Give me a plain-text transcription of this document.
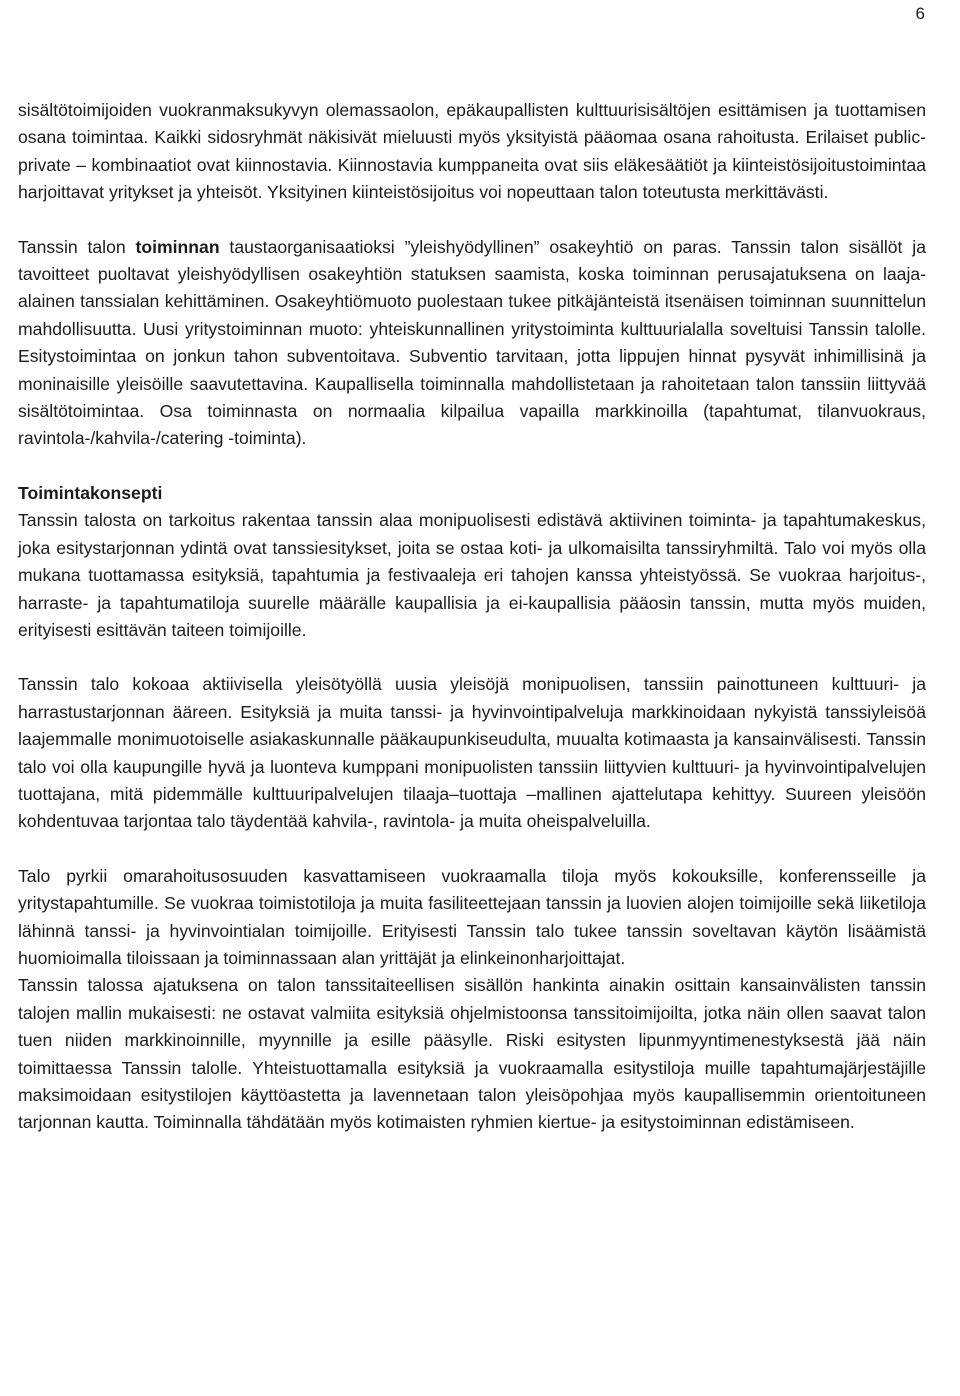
6

sisältötoimijoiden vuokranmaksukyvyn olemassaolon, epäkaupallisten kulttuurisisältöjen esittämisen ja tuottamisen osana toimintaa. Kaikki sidosryhmät näkisivät mieluusti myös yksityistä pääomaa osana rahoitusta. Erilaiset public-private – kombinaatiot ovat kiinnostavia. Kiinnostavia kumppaneita ovat siis eläkesäätiöt ja kiinteistösijoitustoimintaa harjoittavat yritykset ja yhteisöt. Yksityinen kiinteistösijoitus voi nopeuttaan talon toteutusta merkittävästi.

Tanssin talon toiminnan taustaorganisaatioksi ”yleishyödyllinen” osakeyhtiö on paras. Tanssin talon sisällöt ja tavoitteet puoltavat yleishyödyllisen osakeyhtiön statuksen saamista, koska toiminnan perusajatuksena on laaja-alainen tanssialan kehittäminen. Osakeyhtiömuoto puolestaan tukee pitkäjänteistä itsenäisen toiminnan suunnittelun mahdollisuutta. Uusi yritystoiminnan muoto: yhteiskunnallinen yritystoiminta kulttuurialalla soveltuisi Tanssin talolle. Esitystoimintaa on jonkun tahon subventoitava. Subventio tarvitaan, jotta lippujen hinnat pysyvät inhimillisinä ja moninaisille yleisöille saavutettavina. Kaupallisella toiminnalla mahdollistetaan ja rahoitetaan talon tanssiin liittyvää sisältötoimintaa. Osa toiminnasta on normaalia kilpailua vapailla markkinoilla (tapahtumat, tilanvuokraus, ravintola-/kahvila-/catering -toiminta).

Toimintakonsepti

Tanssin talosta on tarkoitus rakentaa tanssin alaa monipuolisesti edistävä aktiivinen toiminta- ja tapahtumakeskus, joka esitystarjonnan ydintä ovat tanssiesitykset, joita se ostaa koti- ja ulkomaisilta tanssiryhmiltä. Talo voi myös olla mukana tuottamassa esityksiä, tapahtumia ja festivaaleja eri tahojen kanssa yhteistyössä. Se vuokraa harjoitus-, harraste- ja tapahtumatiloja suurelle määrälle kaupallisia ja ei-kaupallisia pääosin tanssin, mutta myös muiden, erityisesti esittävän taiteen toimijoille.

Tanssin talo kokoaa aktiivisella yleisötyöllä uusia yleisöjä monipuolisen, tanssiin painottuneen kulttuuri- ja harrastustarjonnan ääreen. Esityksiä ja muita tanssi- ja hyvinvointipalveluja markkinoidaan nykyistä tanssiyleisöä laajemmalle monimuotoiselle asiakaskunnalle pääkaupunkiseudulta, muualta kotimaasta ja kansainvälisesti. Tanssin talo voi olla kaupungille hyvä ja luonteva kumppani monipuolisten tanssiin liittyvien kulttuuri- ja hyvinvointipalvelujen tuottajana, mitä pidemmälle kulttuuripalvelujen tilaaja–tuottaja –mallinen ajattelutapa kehittyy. Suureen yleisöön kohdentuvaa tarjontaa talo täydentää kahvila-, ravintola- ja muita oheispalveluilla.

Talo pyrkii omarahoitusosuuden kasvattamiseen vuokraamalla tiloja myös kokouksille, konferensseille ja yritystapahtumille. Se vuokraa toimistotiloja ja muita fasiliteettejaan tanssin ja luovien alojen toimijoille sekä liiketiloja lähinnä tanssi- ja hyvinvointialan toimijoille. Erityisesti Tanssin talo tukee tanssin soveltavan käytön lisäämistä huomioimalla tiloissaan ja toiminnassaan alan yrittäjät ja elinkeinonharjoittajat.

Tanssin talossa ajatuksena on talon tanssitaiteellisen sisällön hankinta ainakin osittain kansainvälisten tanssin talojen mallin mukaisesti: ne ostavat valmiita esityksiä ohjelmistoonsa tanssitoimijoilta, jotka näin ollen saavat talon tuen niiden markkinoinnille, myynnille ja esille pääsylle. Riski esitysten lipunmyyntimenestyksestä jää näin toimittaessa Tanssin talolle. Yhteistuottamalla esityksiä ja vuokraamalla esitystiloja muille tapahtumajärjestäjille maksimoidaan esitystilojen käyttöastetta ja lavennetaan talon yleisöpohjaa myös kaupallisemmin orientoituneen tarjonnan kautta. Toiminnalla tähdätään myös kotimaisten ryhmien kiertue- ja esitystoiminnan edistämiseen.
